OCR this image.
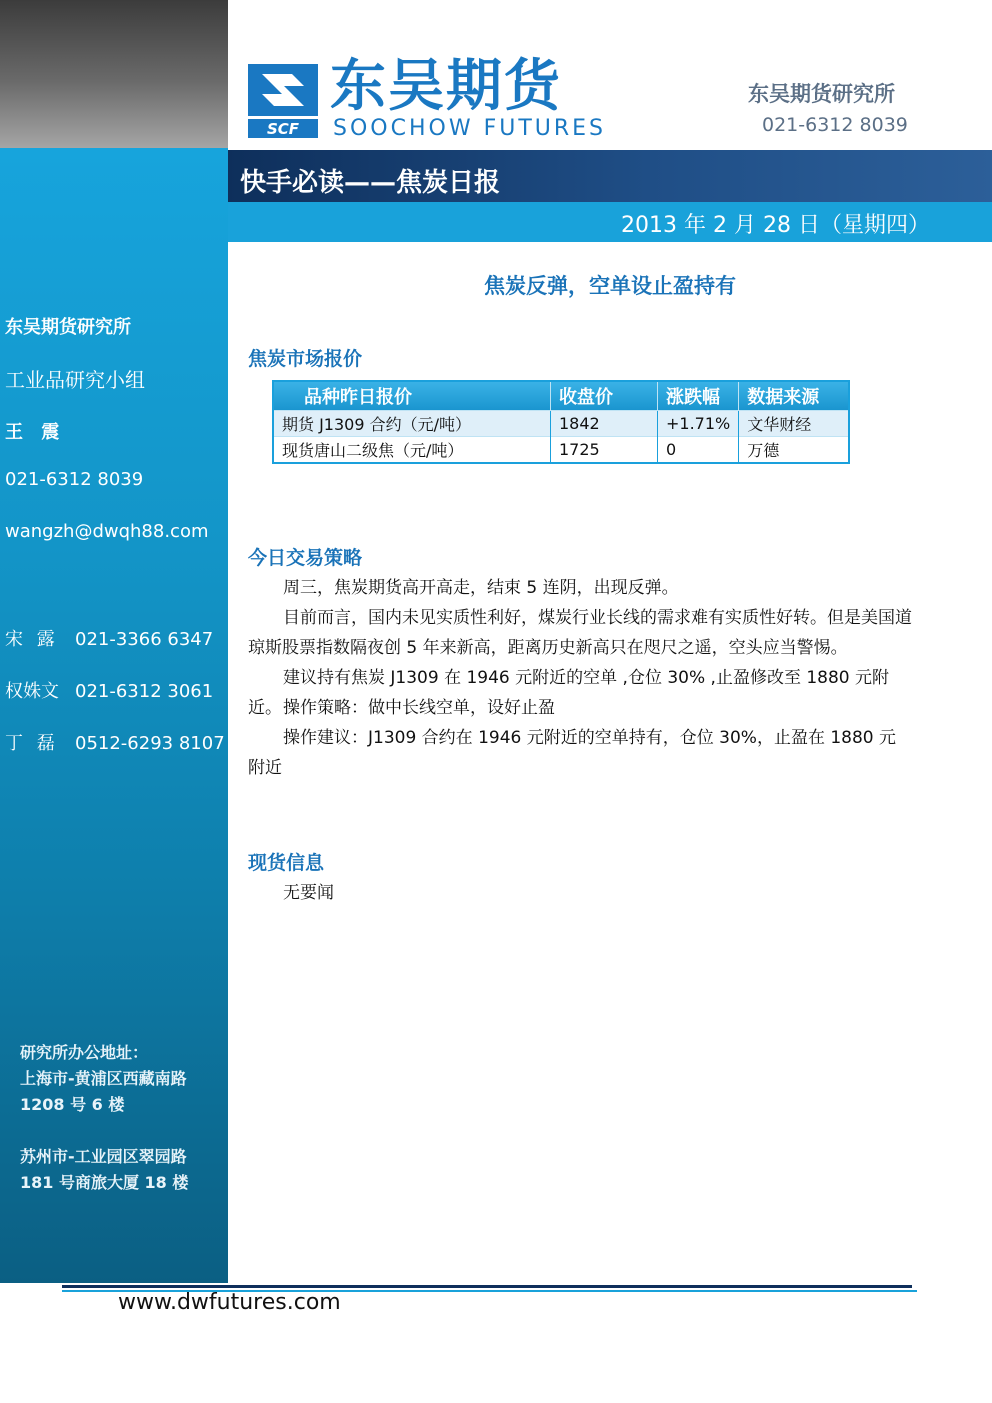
东吴期货研究所
工业品研究小组
王 震
021-6312 8039
wangzh@dwqh88.com
宋 露 021-3366 6347
权姝文 021-6312 3061
丁 磊 0512-6293 8107
研究所办公地址：
上海市-黄浦区西藏南路
1208 号 6 楼
苏州市-工业园区翠园路
181 号商旅大厦 18 楼
SCF
东吴期货
SOOCHOW FUTURES
东吴期货研究所
021-6312 8039
快手必读——焦炭日报
2013 年 2 月 28 日（星期四）
焦炭反弹，空单设止盈持有
焦炭市场报价
品种昨日报价	收盘价	涨跌幅	数据来源
期货 J1309 合约（元/吨）	1842	+1.71%	文华财经
现货唐山二级焦（元/吨）	1725	0	万德
今日交易策略
周三，焦炭期货高开高走，结束 5 连阴，出现反弹。
目前而言，国内未见实质性利好，煤炭行业长线的需求难有实质性好转。但是美国道琼斯股票指数隔夜创 5 年来新高，距离历史新高只在咫尺之遥，空头应当警惕。
建议持有焦炭 J1309 在 1946 元附近的空单 ,仓位 30% ,止盈修改至 1880 元附近。 操作策略：做中长线空单，设好止盈
操作建议：J1309 合约在 1946 元附近的空单持有，仓位 30%，止盈在 1880 元附近
现货信息
无要闻
www.dwfutures.com
